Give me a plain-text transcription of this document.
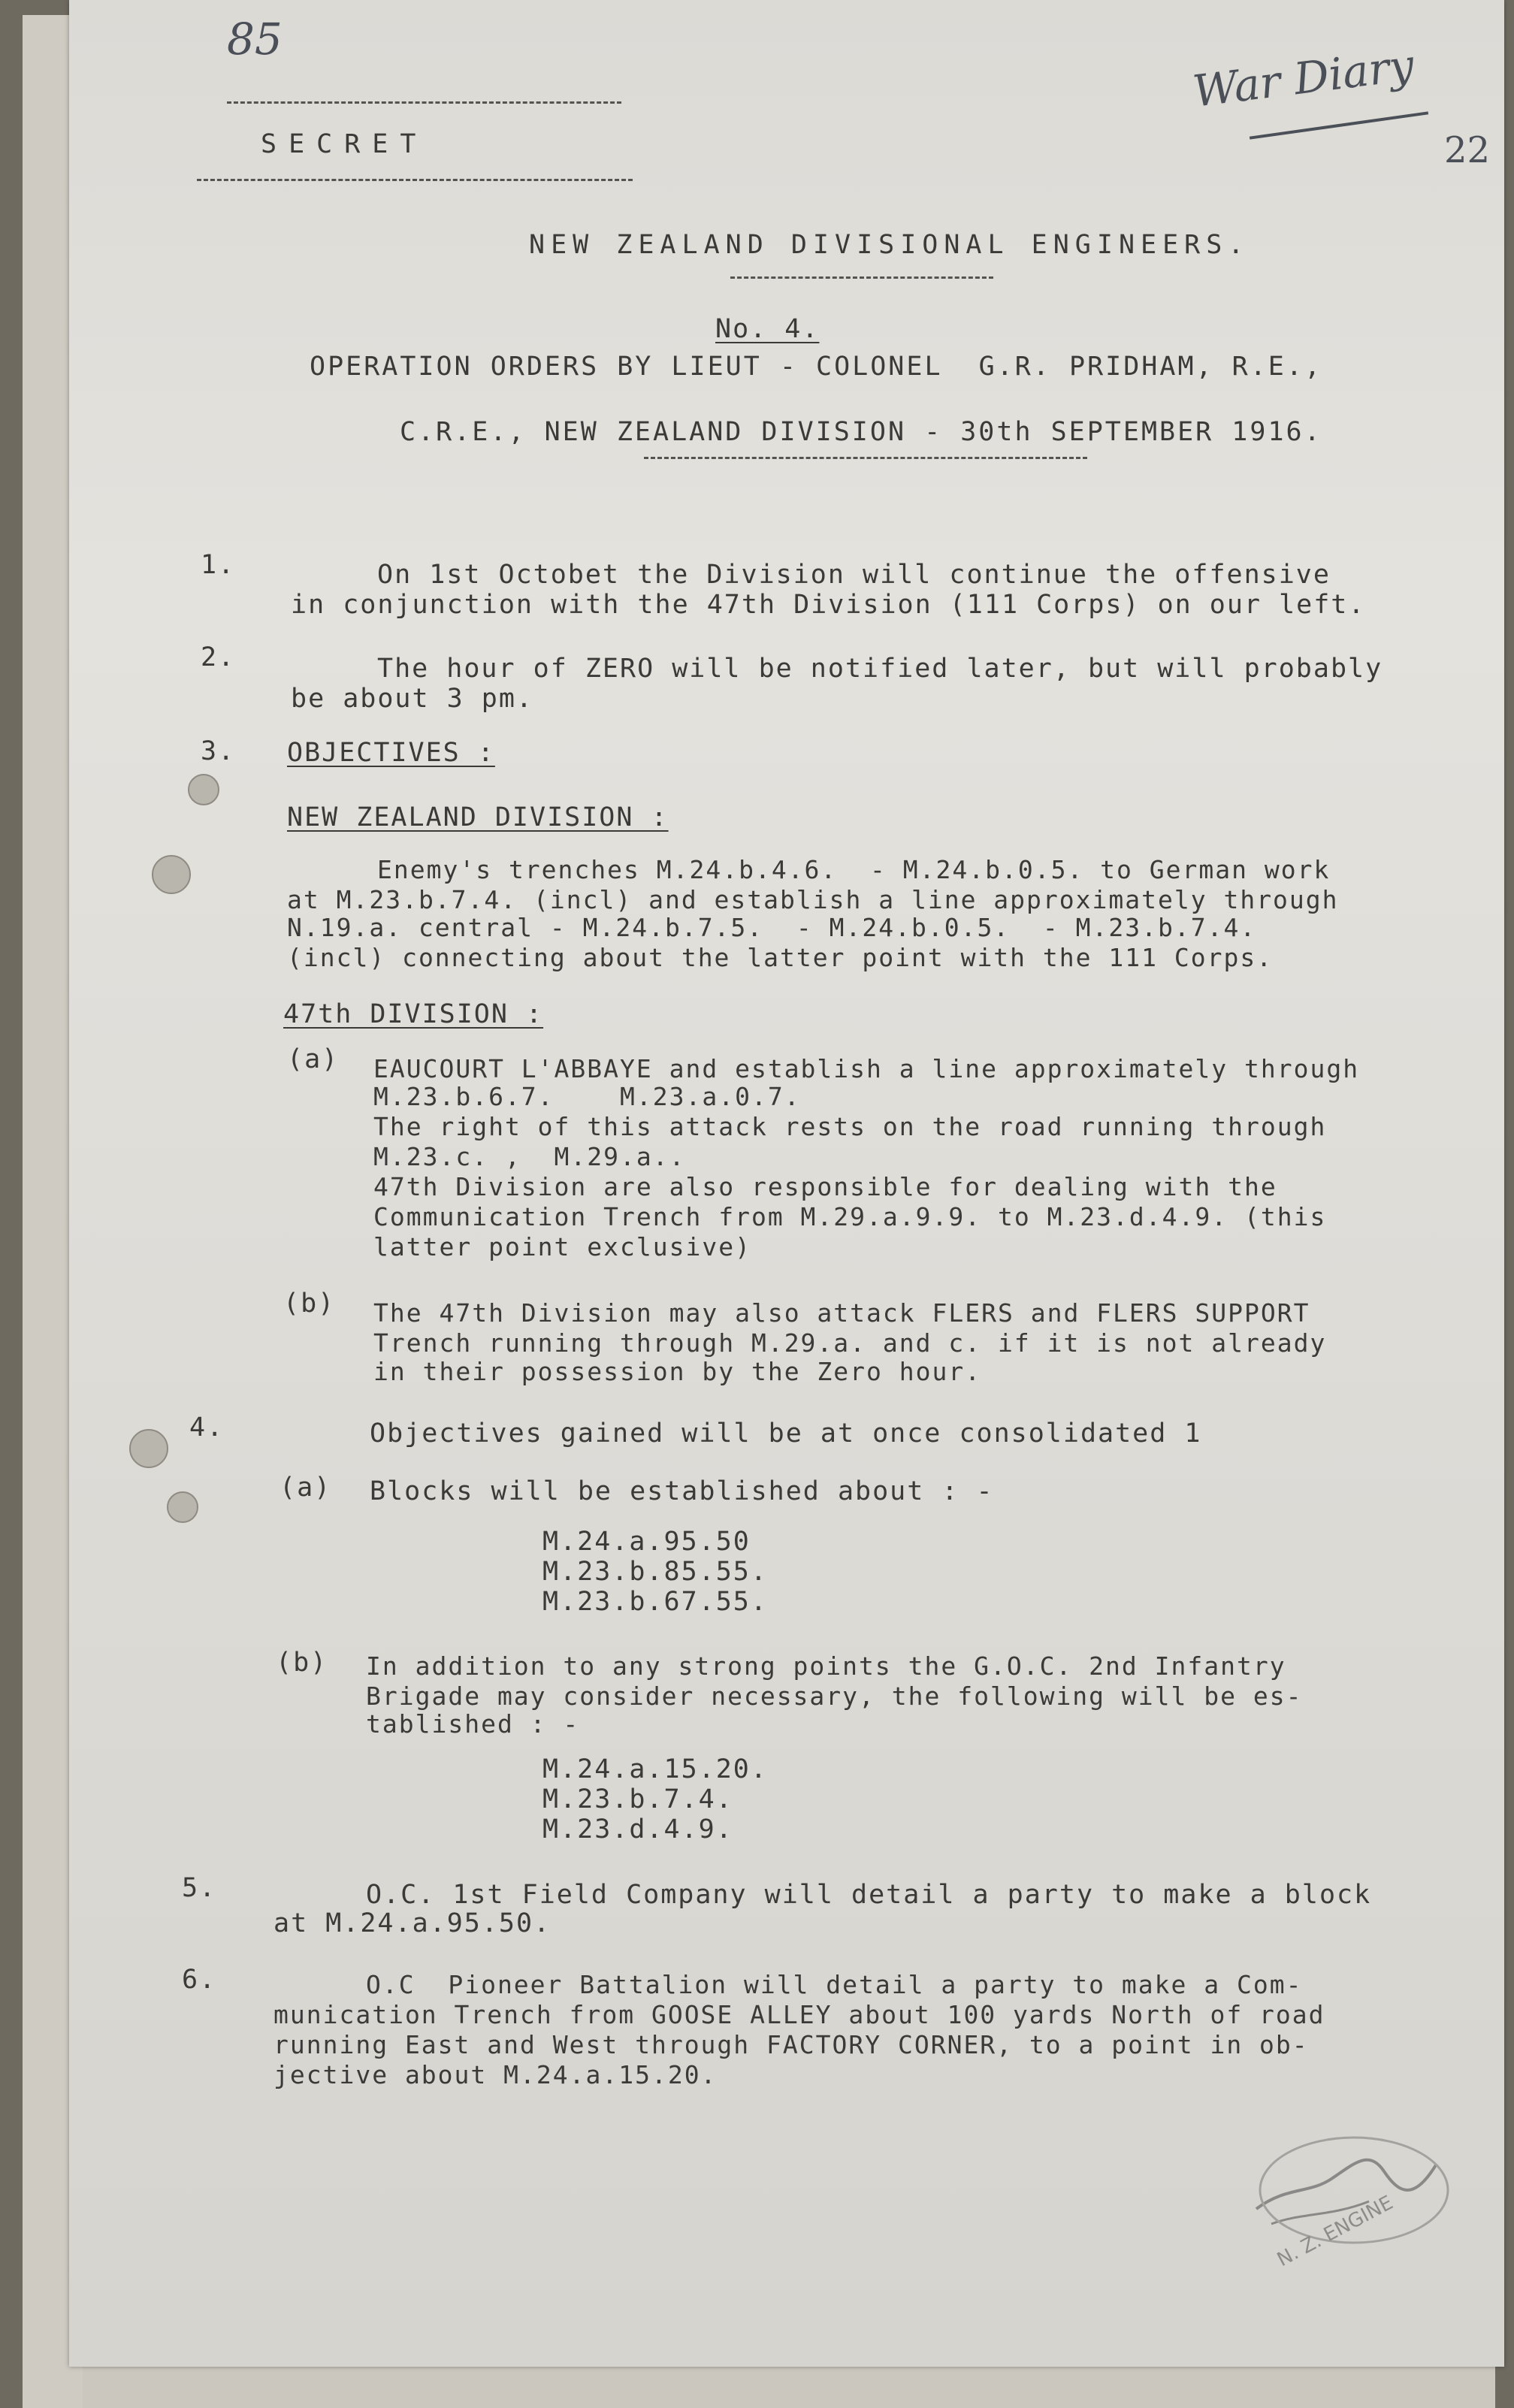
85
War Diary
22
SECRET
NEW ZEALAND DIVISIONAL ENGINEERS.
No. 4.
OPERATION ORDERS BY LIEUT - COLONEL  G.R. PRIDHAM, R.E.,
C.R.E., NEW ZEALAND DIVISION - 30th SEPTEMBER 1916.
1.	On 1st Octobet the Division will continue the offensive
in conjunction with the 47th Division (111 Corps) on our left.
2.	The hour of ZERO will be notified later, but will probably
be about 3 pm.
3. OBJECTIVES :
NEW ZEALAND DIVISION :
Enemy's trenches M.24.b.4.6.  - M.24.b.0.5. to German work
at M.23.b.7.4. (incl) and establish a line approximately through
N.19.a. central - M.24.b.7.5.  - M.24.b.0.5.  - M.23.b.7.4.
(incl) connecting about the latter point with the 111 Corps.
47th DIVISION :
(a) EAUCOURT L'ABBAYE and establish a line approximately through
M.23.b.6.7.    M.23.a.0.7.
The right of this attack rests on the road running through
M.23.c. ,  M.29.a..
47th Division are also responsible for dealing with the
Communication Trench from M.29.a.9.9. to M.23.d.4.9. (this
latter point exclusive)
(b) The 47th Division may also attack FLERS and FLERS SUPPORT
Trench running through M.29.a. and c. if it is not already
in their possession by the Zero hour.
4.	Objectives gained will be at once consolidated 1
(a) Blocks will be established about : -
M.24.a.95.50
M.23.b.85.55.
M.23.b.67.55.
(b) In addition to any strong points the G.O.C. 2nd Infantry
Brigade may consider necessary, the following will be es-
tablished : -
M.24.a.15.20.
M.23.b.7.4.
M.23.d.4.9.
5.	O.C. 1st Field Company will detail a party to make a block
at M.24.a.95.50.
6.	O.C  Pioneer Battalion will detail a party to make a Com-
munication Trench from GOOSE ALLEY about 100 yards North of road
running East and West through FACTORY CORNER, to a point in ob-
jective about M.24.a.15.20.
N. Z. ENGINE
